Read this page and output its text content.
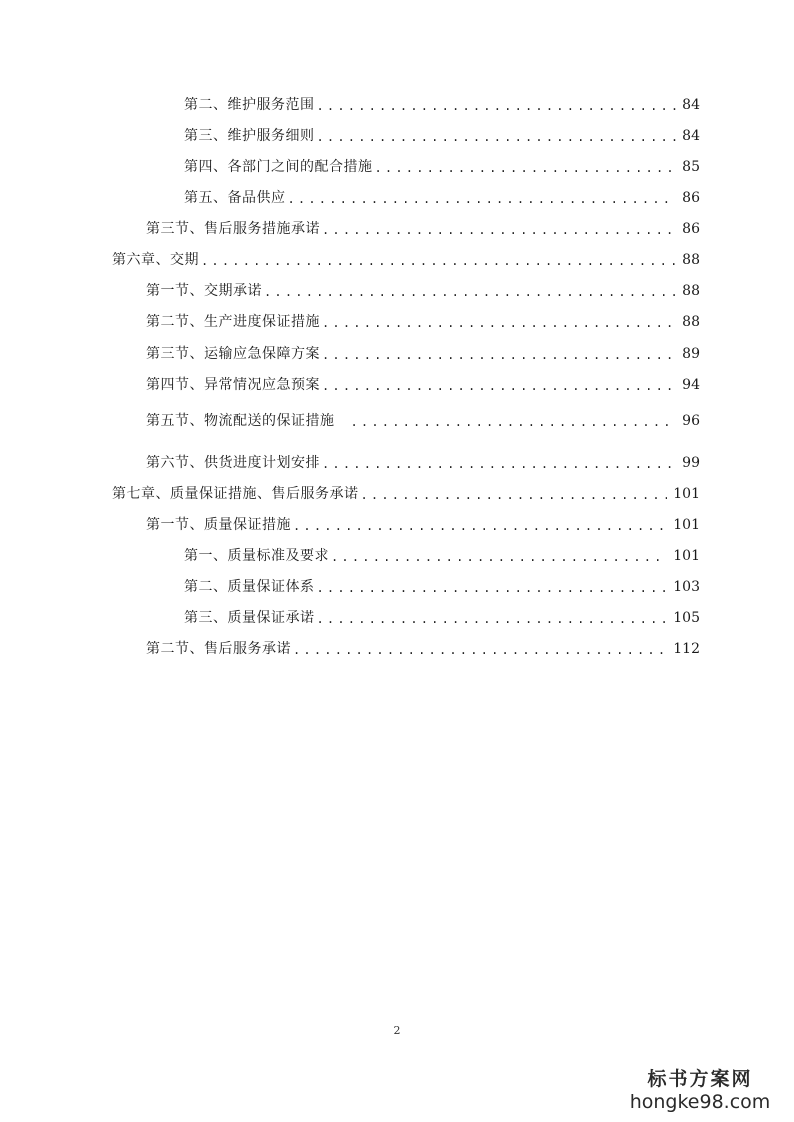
第二、维护服务范围 .....	84
第三、维护服务细则 .....	84
第四、各部门之间的配合措施 .....	85
第五、备品供应 .....	86
第三节、售后服务措施承诺 .....	86
第六章、交期 .....	88
第一节、交期承诺 .....	88
第二节、生产进度保证措施 .....	88
第三节、运输应急保障方案 .....	89
第四节、异常情况应急预案 .....	94
第五节、物流配送的保证措施 .....	96
第六节、供货进度计划安排 .....	99
第七章、质量保证措施、售后服务承诺 .....	101
第一节、质量保证措施 .....	101
第一、质量标准及要求 .....	101
第二、质量保证体系 .....	103
第三、质量保证承诺 .....	105
第二节、售后服务承诺 .....	112
2
标书方案网
hongke98.com
